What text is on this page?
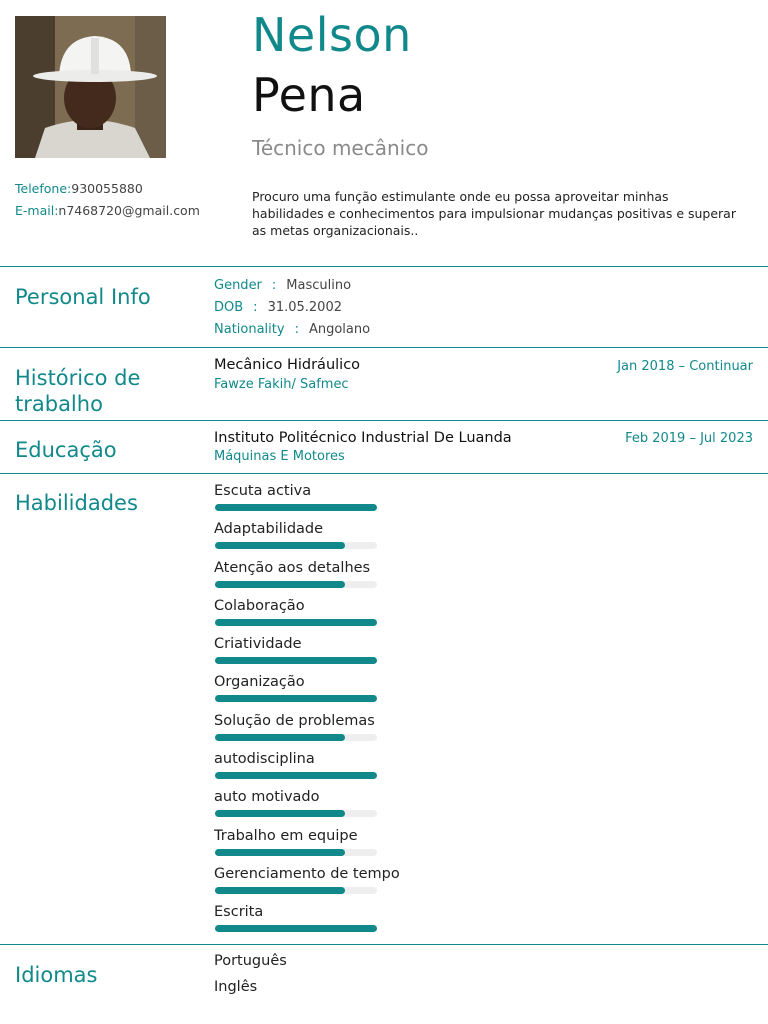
Nelson
Pena
Técnico mecânico
Telefone:930055880
E-mail:n7468720@gmail.com
Procuro uma função estimulante onde eu possa aproveitar minhas habilidades e conhecimentos para impulsionar mudanças positivas e superar as metas organizacionais..
Personal Info	Gender : Masculino
DOB : 31.05.2002
Nationality : Angolano
Histórico de trabalho
Mecânico Hidráulico
Fawze Fakih/ Safmec
Jan 2018 – Continuar
Educação	Instituto Politécnico Industrial De Luanda
Máquinas E Motores
Feb 2019 – Jul 2023
Habilidades	Escuta activa
Adaptabilidade
Atenção aos detalhes
Colaboração
Criatividade
Organização
Solução de problemas
autodisciplina
auto motivado
Trabalho em equipe
Gerenciamento de tempo
Escrita
Idiomas
Português
Inglês
